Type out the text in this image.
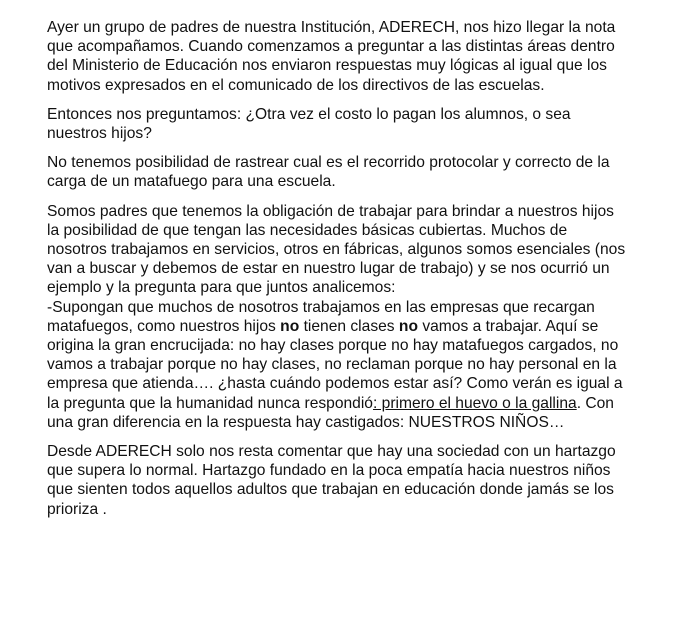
Ayer un grupo de padres de nuestra Institución, ADERECH, nos hizo llegar la nota que acompañamos. Cuando comenzamos a preguntar a las distintas áreas dentro del Ministerio de Educación nos enviaron respuestas muy lógicas al igual que los motivos expresados en el comunicado de los directivos de las escuelas.

Entonces nos preguntamos: ¿Otra vez el costo lo pagan los alumnos, o sea nuestros hijos?

No tenemos posibilidad de rastrear cual es el recorrido protocolar y correcto de la carga de un matafuego para una escuela.

Somos padres que tenemos la obligación de trabajar para brindar a nuestros hijos la posibilidad de que tengan las necesidades básicas cubiertas. Muchos de nosotros trabajamos en servicios, otros en fábricas, algunos somos esenciales (nos van a buscar y debemos de estar en nuestro lugar de trabajo) y se nos ocurrió un ejemplo y la pregunta para que juntos analicemos:
-Supongan que muchos de nosotros trabajamos en las empresas que recargan matafuegos, como nuestros hijos no tienen clases no vamos a trabajar. Aquí se origina la gran encrucijada: no hay clases porque no hay matafuegos cargados, no vamos a trabajar porque no hay clases, no reclaman porque no hay personal en la empresa que atienda…. ¿hasta cuándo podemos estar así? Como verán es igual a la pregunta que la humanidad nunca respondió: primero el huevo o la gallina. Con una gran diferencia en la respuesta hay castigados: NUESTROS NIÑOS…

Desde ADERECH solo nos resta comentar que hay una sociedad con un hartazgo que supera lo normal. Hartazgo fundado en la poca empatía hacia nuestros niños que sienten todos aquellos adultos que trabajan en educación donde jamás se los prioriza .
